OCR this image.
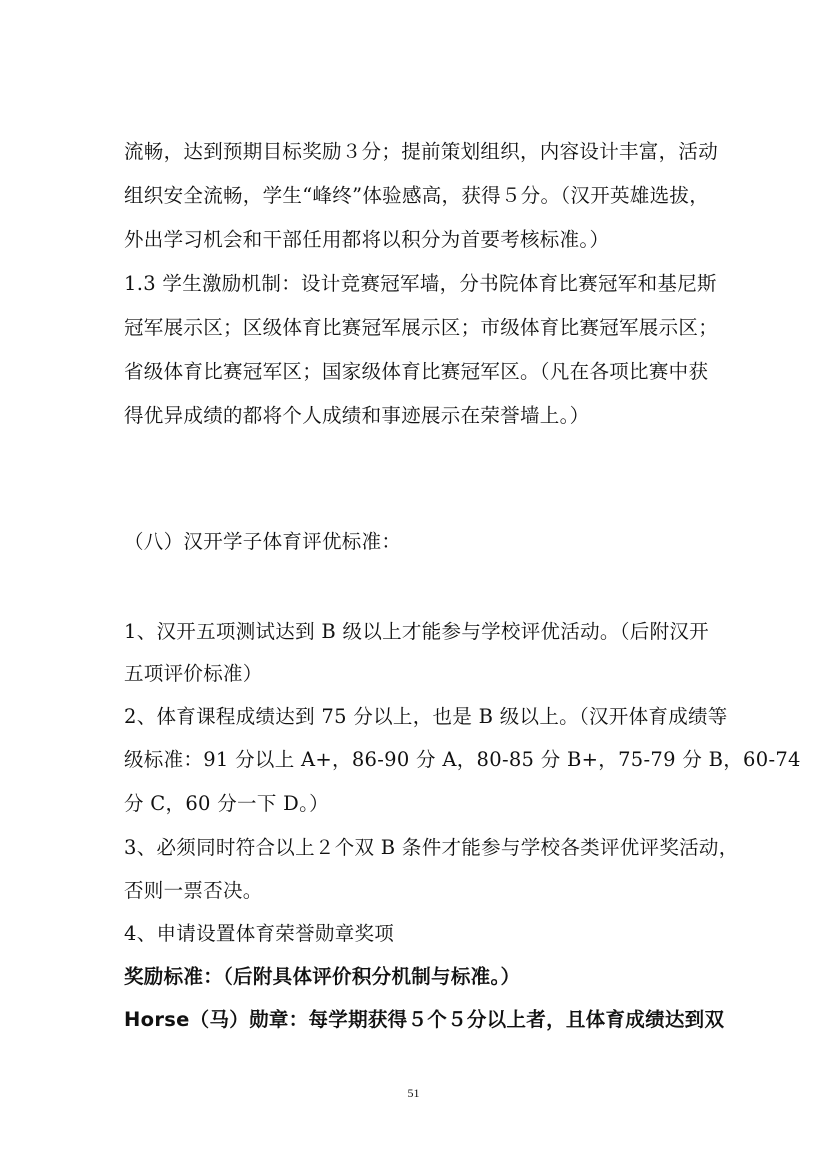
流畅，达到预期目标奖励３分；提前策划组织，内容设计丰富，活动
组织安全流畅，学生“峰终”体验感高，获得５分。（汉开英雄选拔，
外出学习机会和干部任用都将以积分为首要考核标准。）
1.3 学生激励机制：设计竞赛冠军墙，分书院体育比赛冠军和基尼斯
冠军展示区；区级体育比赛冠军展示区；市级体育比赛冠军展示区；
省级体育比赛冠军区；国家级体育比赛冠军区。（凡在各项比赛中获
得优异成绩的都将个人成绩和事迹展示在荣誉墙上。）
（八）汉开学子体育评优标准：
1、汉开五项测试达到 B 级以上才能参与学校评优活动。（后附汉开
五项评价标准）
2、体育课程成绩达到 75 分以上，也是 B 级以上。（汉开体育成绩等
级标准：91 分以上 A+，86-90 分 A，80-85 分 B+，75-79 分 B，60-74
分 C，60 分一下 D。）
3、必须同时符合以上２个双 B 条件才能参与学校各类评优评奖活动，
否则一票否决。
4、申请设置体育荣誉勋章奖项
奖励标准：（后附具体评价积分机制与标准。）
Horse（马）勋章：每学期获得５个５分以上者，且体育成绩达到双
51
